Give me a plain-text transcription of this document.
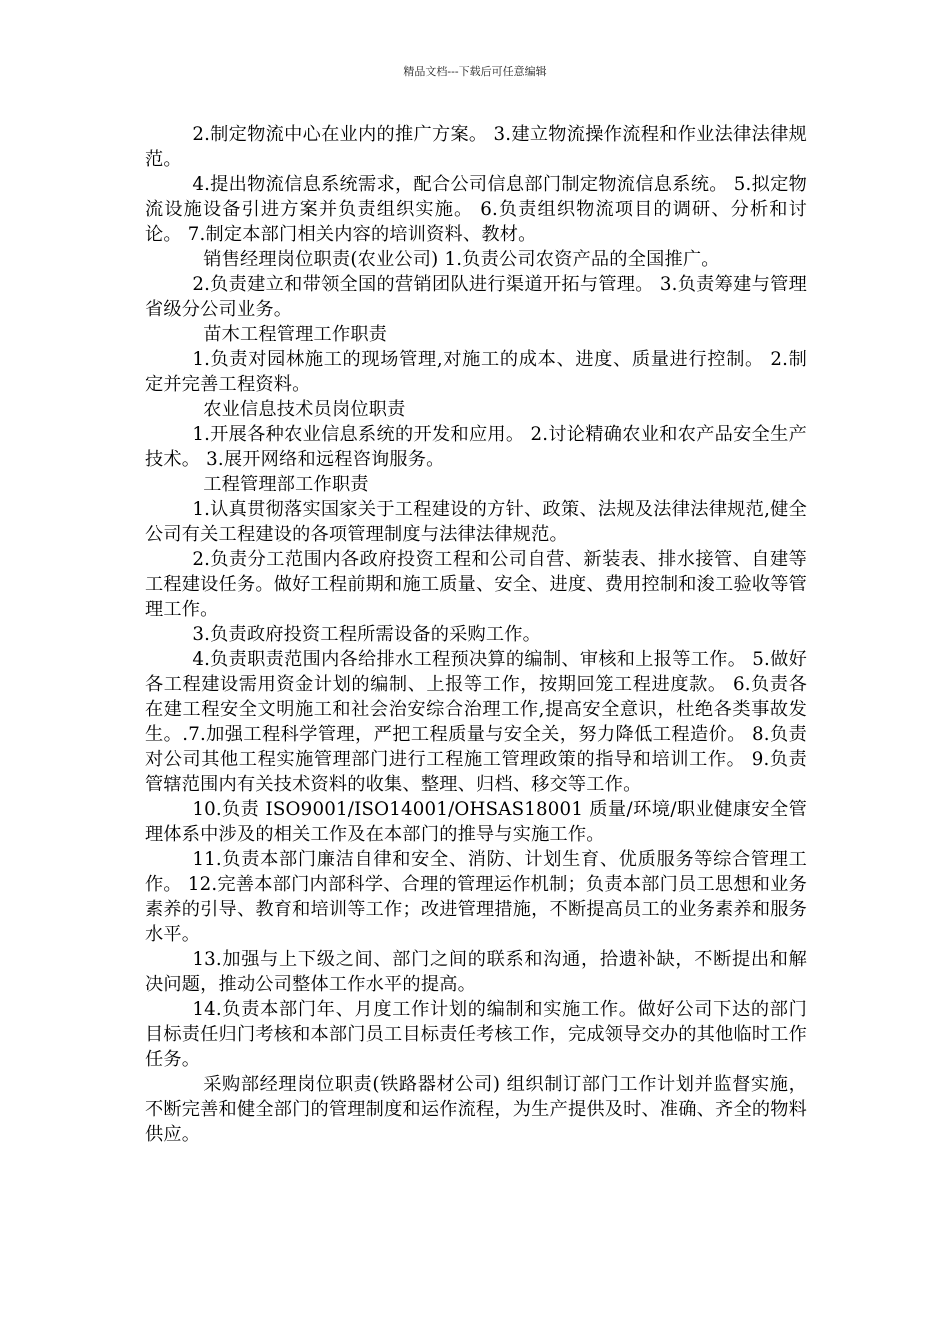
精品文档---下载后可任意编辑

2.制定物流中心在业内的推广方案。 3.建立物流操作流程和作业法律法律规范。

4.提出物流信息系统需求，配合公司信息部门制定物流信息系统。 5.拟定物流设施设备引进方案并负责组织实施。 6.负责组织物流项目的调研、分析和讨论。 7.制定本部门相关内容的培训资料、教材。

销售经理岗位职责(农业公司) 1.负责公司农资产品的全国推广。

2.负责建立和带领全国的营销团队进行渠道开拓与管理。 3.负责筹建与管理省级分公司业务。

苗木工程管理工作职责

1.负责对园林施工的现场管理,对施工的成本、进度、质量进行控制。 2.制定并完善工程资料。

农业信息技术员岗位职责

1.开展各种农业信息系统的开发和应用。 2.讨论精确农业和农产品安全生产技术。 3.展开网络和远程咨询服务。

工程管理部工作职责

1.认真贯彻落实国家关于工程建设的方针、政策、法规及法律法律规范,健全公司有关工程建设的各项管理制度与法律法律规范。

2.负责分工范围内各政府投资工程和公司自营、新装表、排水接管、自建等工程建设任务。做好工程前期和施工质量、安全、进度、费用控制和浚工验收等管理工作。

3.负责政府投资工程所需设备的采购工作。

4.负责职责范围内各给排水工程预决算的编制、审核和上报等工作。 5.做好各工程建设需用资金计划的编制、上报等工作，按期回笼工程进度款。 6.负责各在建工程安全文明施工和社会治安综合治理工作,提高安全意识，杜绝各类事故发生。.7.加强工程科学管理，严把工程质量与安全关，努力降低工程造价。 8.负责对公司其他工程实施管理部门进行工程施工管理政策的指导和培训工作。 9.负责管辖范围内有关技术资料的收集、整理、归档、移交等工作。

10.负责 ISO9001/ISO14001/OHSAS18001 质量/环境/职业健康安全管理体系中涉及的相关工作及在本部门的推导与实施工作。

11.负责本部门廉洁自律和安全、消防、计划生育、优质服务等综合管理工作。 12.完善本部门内部科学、合理的管理运作机制；负责本部门员工思想和业务素养的引导、教育和培训等工作；改进管理措施，不断提高员工的业务素养和服务水平。

13.加强与上下级之间、部门之间的联系和沟通，拾遗补缺，不断提出和解决问题，推动公司整体工作水平的提高。

14.负责本部门年、月度工作计划的编制和实施工作。做好公司下达的部门目标责任归门考核和本部门员工目标责任考核工作，完成领导交办的其他临时工作任务。

采购部经理岗位职责(铁路器材公司) 组织制订部门工作计划并监督实施，不断完善和健全部门的管理制度和运作流程，为生产提供及时、准确、齐全的物料供应。
